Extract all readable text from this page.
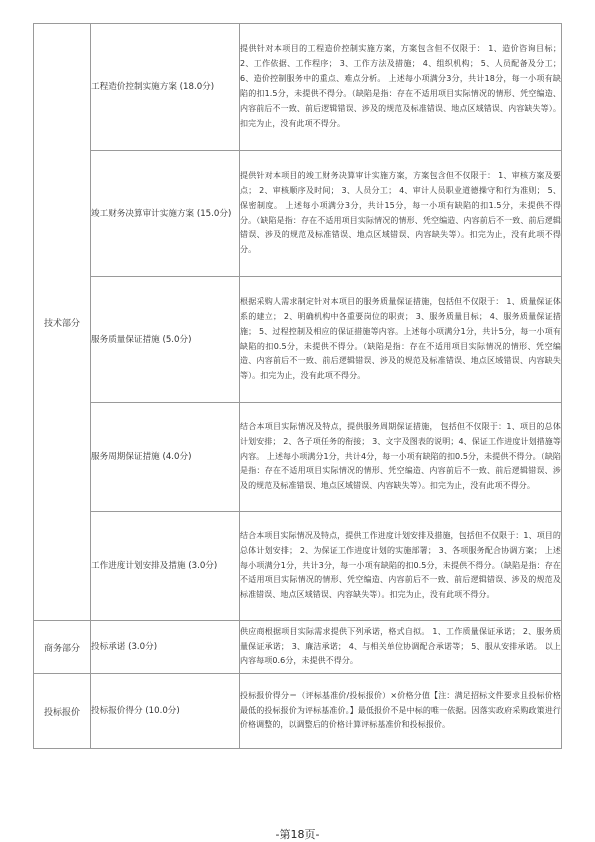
技术部分	工程造价控制实施方案 (18.0分)	提供针对本项目的工程造价控制实施方案，方案包含但不仅限于： 1、造价咨询目标； 2、工作依据、工作程序； 3、工作方法及措施； 4、组织机构； 5、人员配备及分工； 6、造价控制服务中的重点、难点分析。 上述每小项满分3分，共计18分，每一小项有缺陷的扣1.5分，未提供不得分。（缺陷是指：存在不适用项目实际情况的情形、凭空编造、内容前后不一致、前后逻辑错误、涉及的规范及标准错误、地点区域错误、内容缺失等）。扣完为止，没有此项不得分。

	竣工财务决算审计实施方案 (15.0分)	提供针对本项目的竣工财务决算审计实施方案，方案包含但不仅限于： 1、审核方案及要点； 2、审核顺序及时间； 3、人员分工； 4、审计人员职业道德操守和行为准则； 5、保密制度。 上述每小项满分3分，共计15分，每一小项有缺陷的扣1.5分，未提供不得分。（缺陷是指：存在不适用项目实际情况的情形、凭空编造、内容前后不一致、前后逻辑错误、涉及的规范及标准错误、地点区域错误、内容缺失等）。扣完为止，没有此项不得分。

	服务质量保证措施 (5.0分)	根据采购人需求制定针对本项目的服务质量保证措施，包括但不仅限于： 1、质量保证体系的建立； 2、明确机构中各重要岗位的职责； 3、服务质量目标； 4、服务质量保证措施； 5、过程控制及相应的保证措施等内容。上述每小项满分1分，共计5分，每一小项有缺陷的扣0.5分，未提供不得分。（缺陷是指：存在不适用项目实际情况的情形、凭空编造、内容前后不一致、前后逻辑错误、涉及的规范及标准错误、地点区域错误、内容缺失等）。扣完为止，没有此项不得分。

	服务周期保证措施 (4.0分)	结合本项目实际情况及特点，提供服务周期保证措施， 包括但不仅限于：1、项目的总体计划安排； 2、各子项任务的衔接； 3、文字及图表的说明；4、保证工作进度计划措施等内容。 上述每小项满分1分，共计4分，每一小项有缺陷的扣0.5分，未提供不得分。（缺陷是指：存在不适用项目实际情况的情形、凭空编造、内容前后不一致、前后逻辑错误、涉及的规范及标准错误、地点区域错误、内容缺失等）。扣完为止，没有此项不得分。

	工作进度计划安排及措施 (3.0分)	结合本项目实际情况及特点，提供工作进度计划安排及措施，包括但不仅限于：1、项目的总体计划安排； 2、为保证工作进度计划的实施部署； 3、各项服务配合协调方案； 上述每小项满分1分，共计3分，每一小项有缺陷的扣0.5分，未提供不得分。（缺陷是指：存在不适用项目实际情况的情形、凭空编造、内容前后不一致、前后逻辑错误、涉及的规范及标准错误、地点区域错误、内容缺失等）。扣完为止，没有此项不得分。
商务部分	投标承诺 (3.0分)	供应商根据项目实际需求提供下列承诺，格式自拟。 1、工作质量保证承诺； 2、服务质量保证承诺； 3、廉洁承诺； 4、与相关单位协调配合承诺等； 5、服从安排承诺。 以上内容每项0.6分，未提供不得分。
投标报价	投标报价得分 (10.0分)	投标报价得分＝（评标基准价/投标报价）×价格分值【注：满足招标文件要求且投标价格最低的投标报价为评标基准价。】最低报价不是中标的唯一依据。因落实政府采购政策进行价格调整的，以调整后的价格计算评标基准价和投标报价。
-第18页-
